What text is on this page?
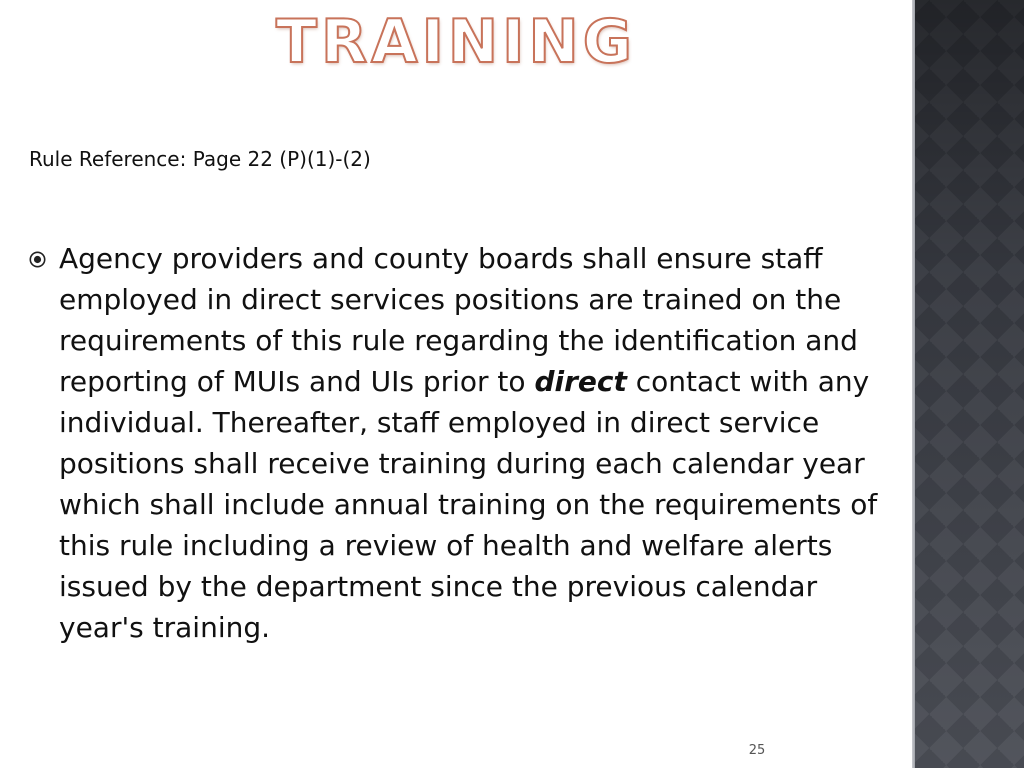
TRAINING
Rule Reference: Page 22 (P)(1)-(2)
Agency providers and county boards shall ensure staff employed in direct services positions are trained on the requirements of this rule regarding the identification and reporting of MUIs and UIs prior to direct contact with any individual. Thereafter, staff employed in direct service positions shall receive training during each calendar year which shall include annual training on the requirements of this rule including a review of health and welfare alerts issued by the department since the previous calendar year's training.
25
